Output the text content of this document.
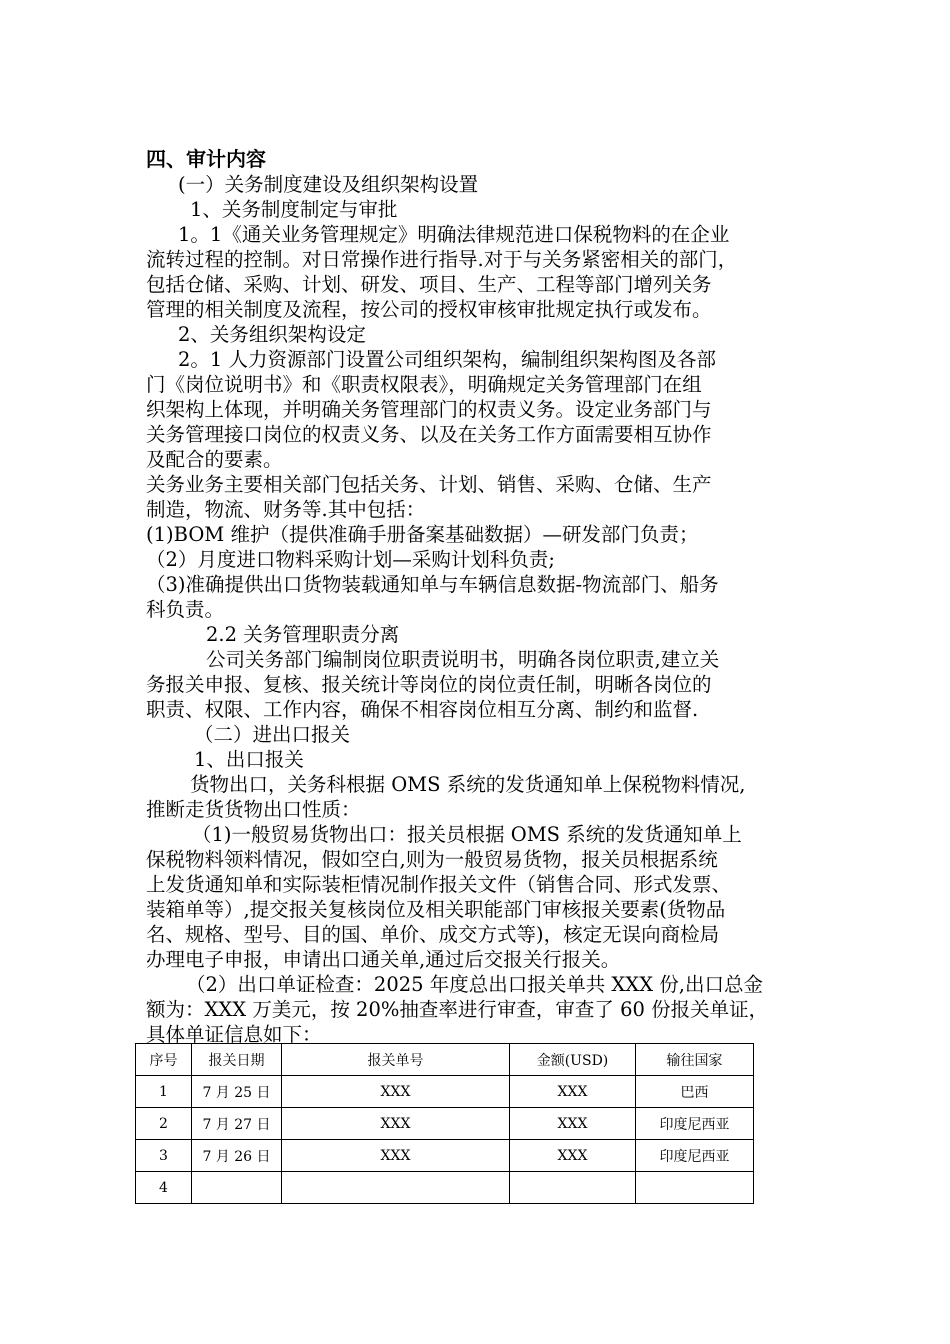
四、审计内容
(一）关务制度建设及组织架构设置
1、关务制度制定与审批
1。1《通关业务管理规定》明确法律规范进口保税物料的在企业
流转过程的控制。对日常操作进行指导.对于与关务紧密相关的部门，
包括仓储、采购、计划、研发、项目、生产、工程等部门增列关务
管理的相关制度及流程，按公司的授权审核审批规定执行或发布。
2、关务组织架构设定
2。1 人力资源部门设置公司组织架构，编制组织架构图及各部
门《岗位说明书》和《职责权限表》，明确规定关务管理部门在组
织架构上体现，并明确关务管理部门的权责义务。设定业务部门与
关务管理接口岗位的权责义务、以及在关务工作方面需要相互协作
及配合的要素。
关务业务主要相关部门包括关务、计划、销售、采购、仓储、生产
制造，物流、财务等.其中包括：
(1)BOM 维护（提供准确手册备案基础数据）—研发部门负责；
（2）月度进口物料采购计划—采购计划科负责;
（3)准确提供出口货物装载通知单与车辆信息数据-物流部门、船务
科负责。
2.2 关务管理职责分离
公司关务部门编制岗位职责说明书，明确各岗位职责,建立关
务报关申报、复核、报关统计等岗位的岗位责任制，明晰各岗位的
职责、权限、工作内容，确保不相容岗位相互分离、制约和监督.
（二）进出口报关
1、出口报关
货物出口，关务科根据 OMS 系统的发货通知单上保税物料情况,
推断走货货物出口性质：
（1)一般贸易货物出口：报关员根据 OMS 系统的发货通知单上
保税物料领料情况，假如空白,则为一般贸易货物，报关员根据系统
上发货通知单和实际装柜情况制作报关文件（销售合同、形式发票、
装箱单等）,提交报关复核岗位及相关职能部门审核报关要素(货物品
名、规格、型号、目的国、单价、成交方式等)，核定无误向商检局
办理电子申报，申请出口通关单,通过后交报关行报关。
（2）出口单证检查：2025 年度总出口报关单共 XXX 份,出口总金
额为：XXX 万美元，按 20%抽查率进行审查，审查了 60 份报关单证，
具体单证信息如下：
序号	报关日期	报关单号	金额(USD)	输往国家
1	7 月 25 日	XXX	XXX	巴西
2	7 月 27 日	XXX	XXX	印度尼西亚
3	7 月 26 日	XXX	XXX	印度尼西亚
4				
